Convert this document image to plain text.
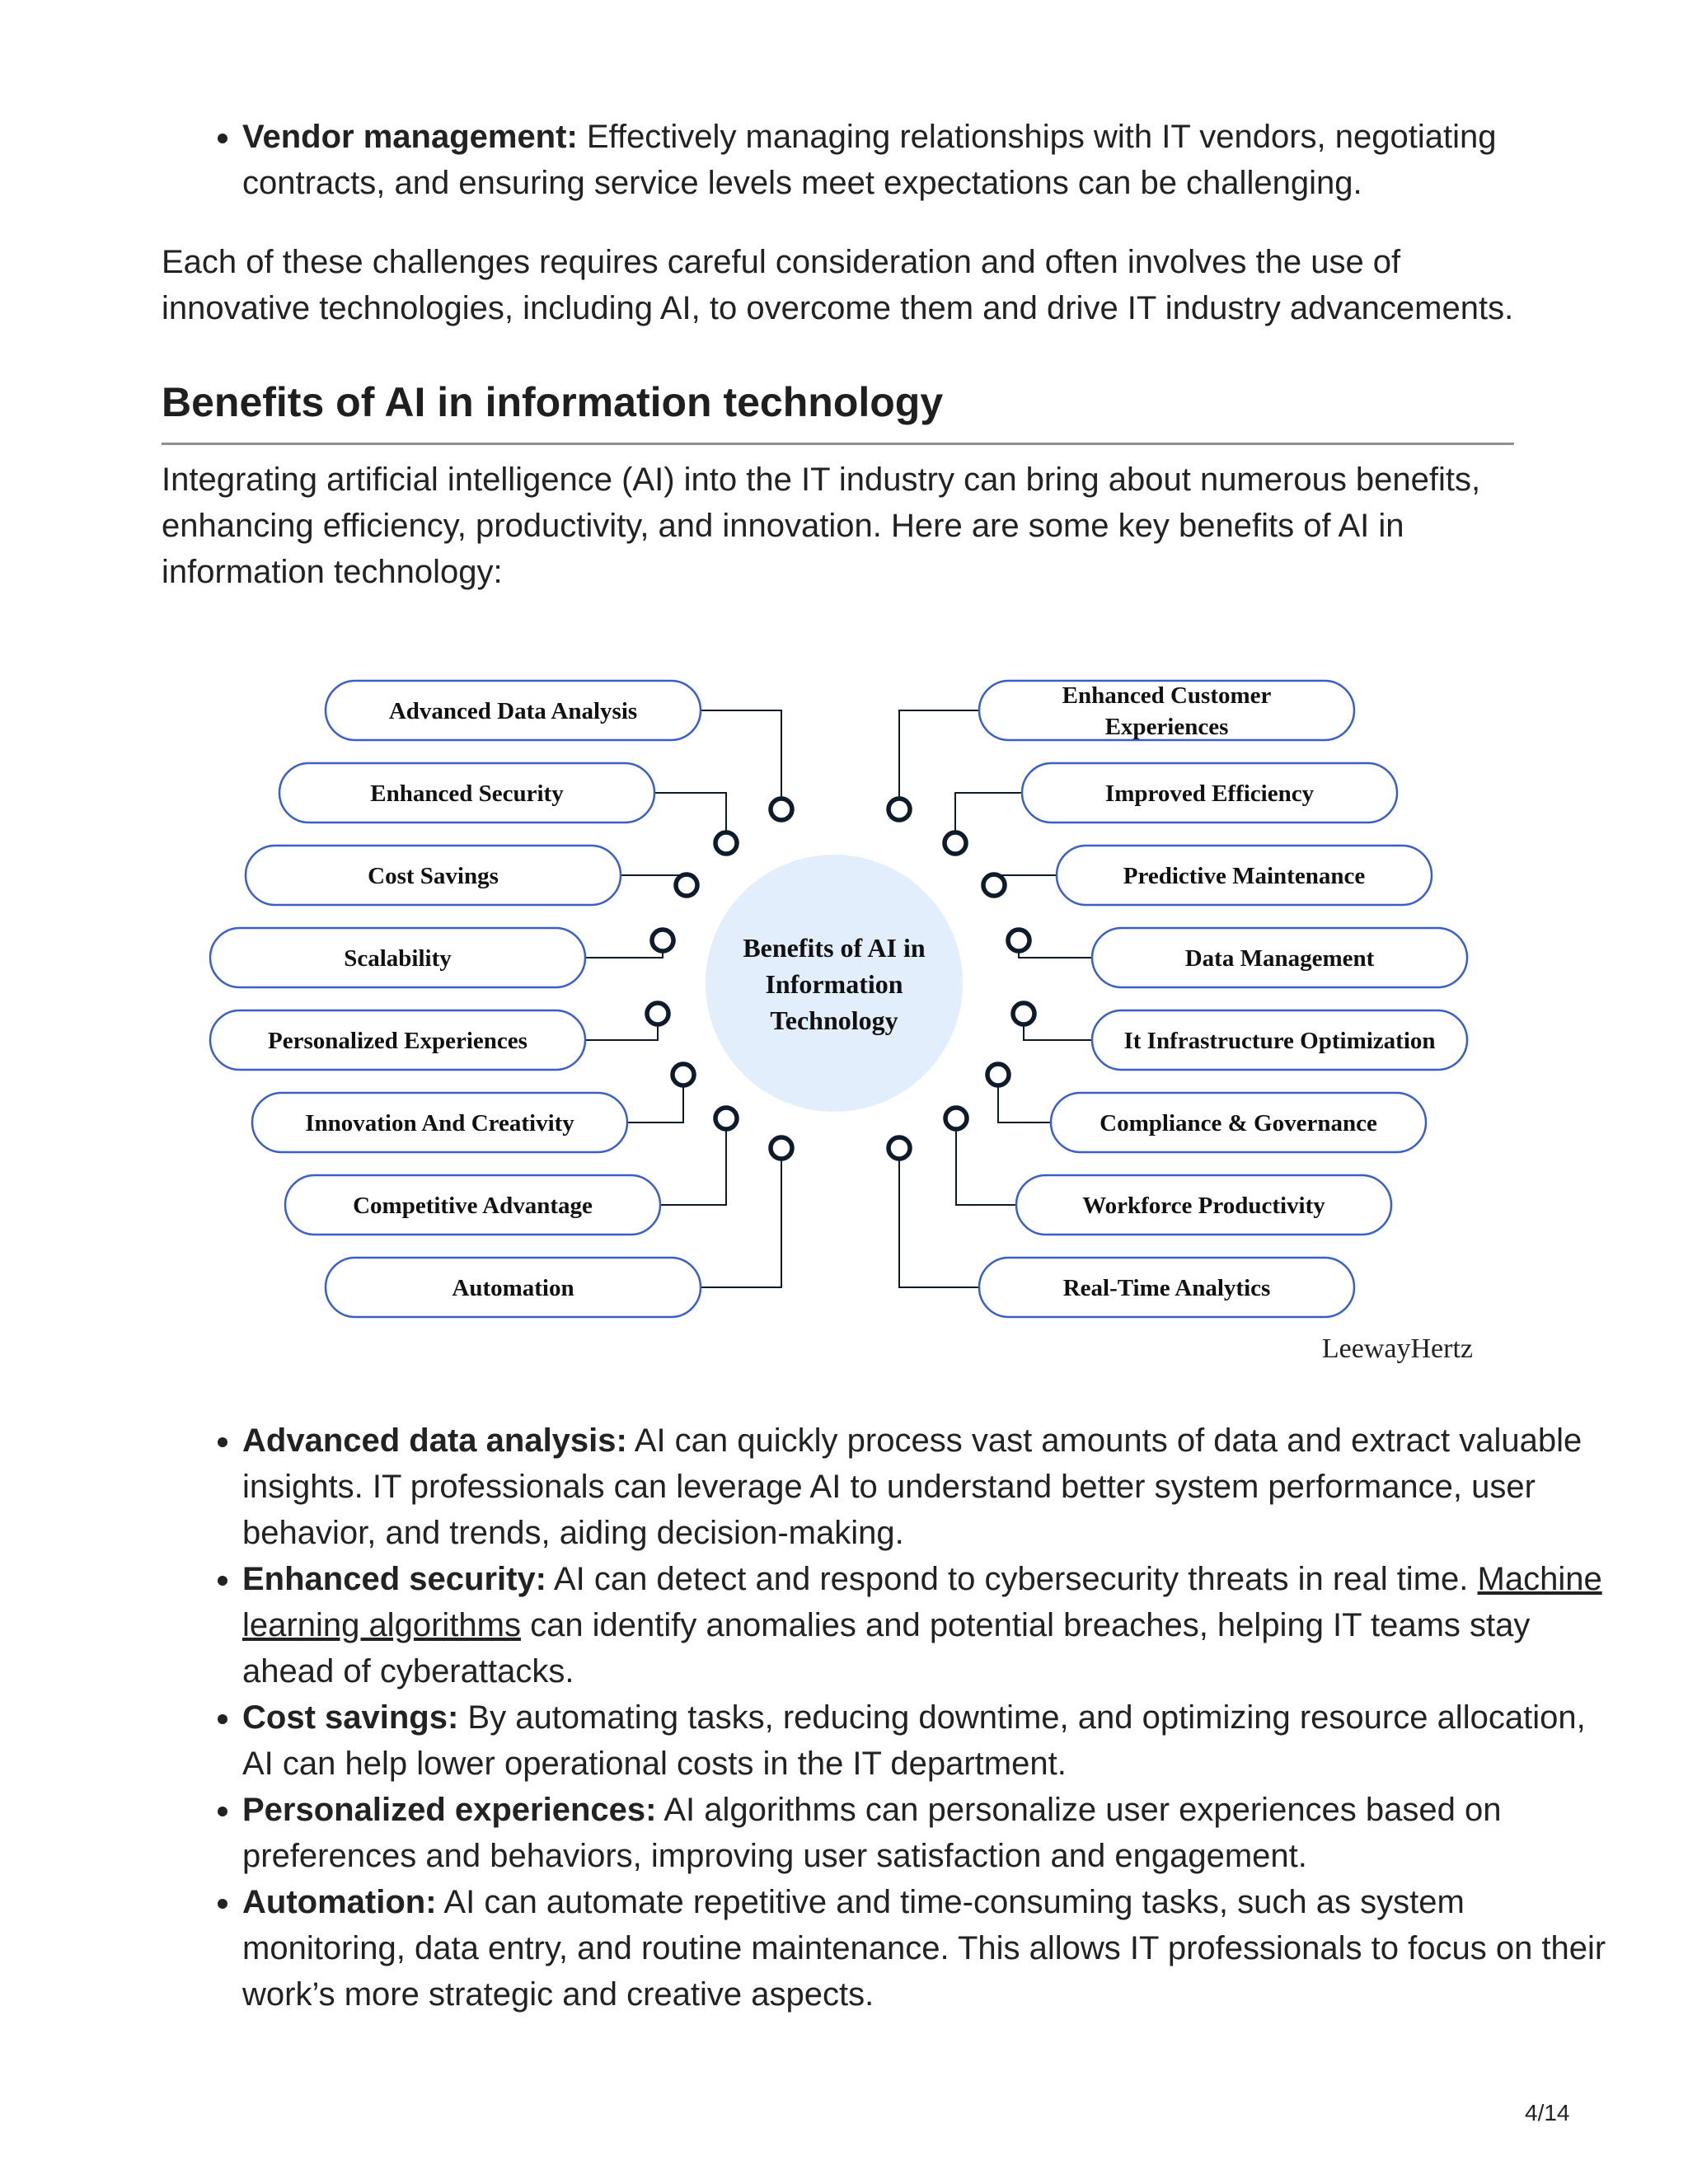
• Vendor management: Effectively managing relationships with IT vendors, negotiating contracts, and ensuring service levels meet expectations can be challenging.

Each of these challenges requires careful consideration and often involves the use of innovative technologies, including AI, to overcome them and drive IT industry advancements.

Benefits of AI in information technology

Integrating artificial intelligence (AI) into the IT industry can bring about numerous benefits, enhancing efficiency, productivity, and innovation. Here are some key benefits of AI in information technology:

Advanced Data Analysis
Enhanced Security
Cost Savings
Scalability
Personalized Experiences
Innovation And Creativity
Competitive Advantage
Automation
Enhanced Customer
Experiences
Improved Efficiency
Predictive Maintenance
Data Management
It Infrastructure Optimization
Compliance & Governance
Workforce Productivity
Real-Time Analytics
Benefits of AI in
Information
Technology
LeewayHertz
• Advanced data analysis: AI can quickly process vast amounts of data and extract valuable insights. IT professionals can leverage AI to understand better system performance, user behavior, and trends, aiding decision-making.
• Enhanced security: AI can detect and respond to cybersecurity threats in real time. Machine learning algorithms can identify anomalies and potential breaches, helping IT teams stay ahead of cyberattacks.
• Cost savings: By automating tasks, reducing downtime, and optimizing resource allocation, AI can help lower operational costs in the IT department.
• Personalized experiences: AI algorithms can personalize user experiences based on preferences and behaviors, improving user satisfaction and engagement.
• Automation: AI can automate repetitive and time-consuming tasks, such as system monitoring, data entry, and routine maintenance. This allows IT professionals to focus on their work’s more strategic and creative aspects.
4/14
